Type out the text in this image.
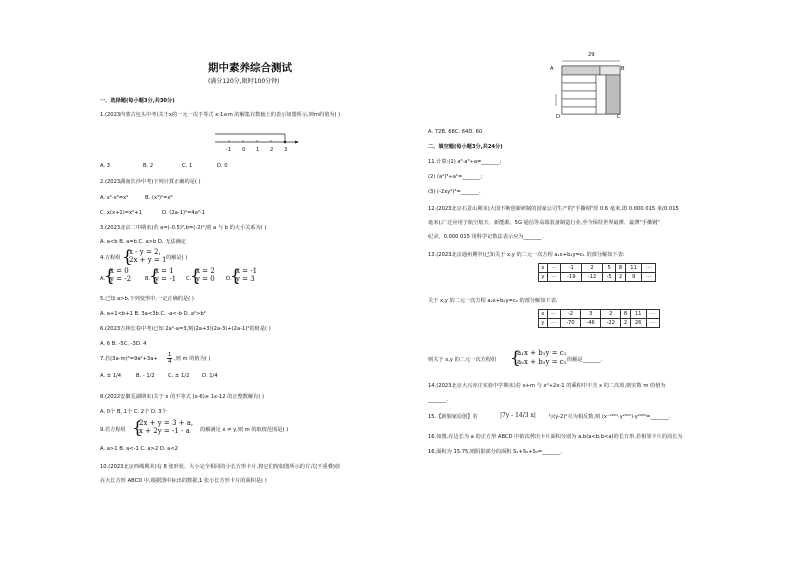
期中素养综合测试
(满分120分,限时100分钟)
一、选择题(每小题3分,共30分)
1.(2023内蒙古包头中考)关于x的一元一次不等式 x-1≤m 的解集在数轴上的表示如图所示,则m的值为( )
-1 0 1 2 3
A. 3	B. 2	C. 1	D. 0
2.(2023湖南长沙中考)下列计算正确的是( )
A. x²·x³=x⁶	B. (x³)²=x⁶
C. x(x+1)=x²+1	D. (2a-1)²=4a²-1
3.(2023北京二中期末)若 a=(-0.5)²,b=(-2)⁰,则 a 与 b 的大小关系为( )
A. a<b B. a=b C. a>b D. 无法确定
4.方程组 {
x - y = 2,
2x + y = 1 的解是( )
A.
{
x = 0
y = -2	B.
{
x = 1
y = -1 C.
{
x = 2
y = 0 D.
{
x = -1
y = 3
5.已知 a>b,下列变形中,一定正确的是( )
A. a+1<b+1 B. 3a<3b C. -a<-b D. a²>b²
6.(2023吉林长春中考)已知 2a²-a=3,则(2a+3)(2a-3)+(2a-1)²的值是( )
A. 6 B. -5C. -3D. 4
7.若(3a-m)²=9a²+3a+
1
4 ,则 m 的值为( )
A. ± 1/4	B. - 1/2	C. ± 1/2 D. 1/4
8.(2022安徽芜湖期末)关于 x 的不等式 (x-6)≥ 1x-12 的正整数解有( )
A. 0个 B. 1个 C. 2个 D. 3个
9.若方程组 {
2x + y = 3 + a,
x + 2y = -1 - a 的解满足 x ≠ y,则 m 的取值范围是( )
A. a>1 B. a<-1 C. a>2 D. a<2
10.(2023北京西城期末)有 8 张形状、大小完全相同的小长方形卡片,将它们按如图所示的方式(不重叠)放
在大长方形 ABCD 中,根据图中标出的数据,1 张小长方形卡片的面积是( )
29
A	B
D	C
A. 72B. 68C. 64D. 60
二、填空题(每小题3分,共24分)
11.计算:(1) a⁶·a³÷a=_______;
(2) (a²)³÷a²=_______;
(3) (-2xy²)³=_______.
12.(2023北京石景山期末)大国不断创新研制的国家公司生产的"手撕钢"厚 0.6 毫米,即 0.000 015 米(0.015
毫米),广泛应用于航空航天、新能源、5G 通信等高端装备制造行业,至今保持世界最薄、最薄"手撕钢"
纪录。0.000 015 用科学记数法表示应为_______.
13.(2023北京通州期中)已知关于 x,y 的二元一次方程 a₁x+b₁y=c₁ 的部分解如下表:
x	⋯	-1	2	5	8	11	⋯
y	⋯	-19	-12	-5	2	9	⋯
关于 x,y 的二元一次方程 a₂x+b₂y=c₂ 的部分解如下表:
x	⋯	-2	3	2	8	11	⋯
y	⋯	-70	-46	-22	2	26	⋯
则关于 x,y 的二元一次方程组 {
a₁x + b₁y = c₁
a₂x + b₂y = c₂ 的解是_______.
14.(2023北京大兴亦庄实验中学期末)若 x+m 与 x²+2x-1 的乘积中不含 x 的二次项,则实数 m 的值为
_______.
15.【新独家原创】若	|7y - 14/3 x| 与(y-2)²互为相反数,则 (x⁻²⁰²¹·y²⁰²¹)·y²⁰²⁰=_______.
16.如图,在边长为 a 的正方形 ABCD 中依次剪出卡片面积分别为 a,b(a<b,b<a)的长方形,若相邻卡片的周长为
16,面积为 15.75,则阴影部分的面积 S₁+S₂+S₃=_______.
